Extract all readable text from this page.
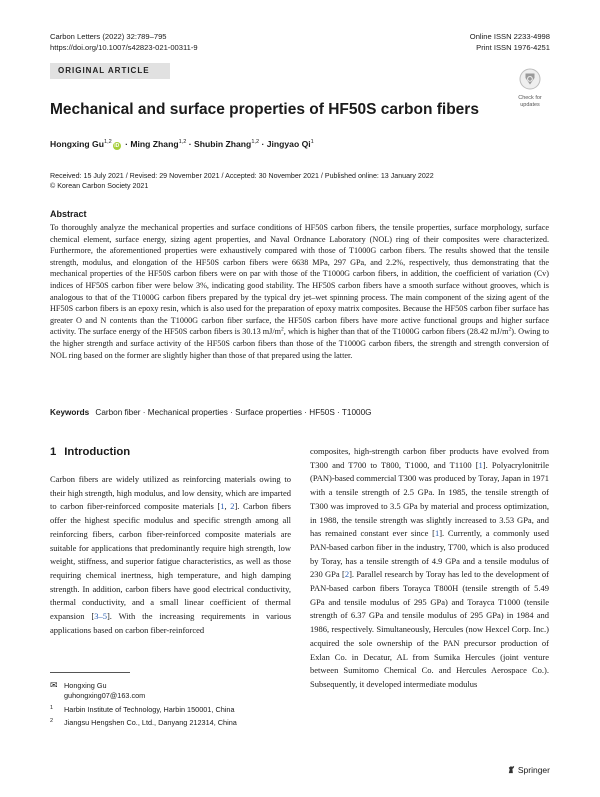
Carbon Letters (2022) 32:789–795
https://doi.org/10.1007/s42823-021-00311-9
Online ISSN 2233-4998
Print ISSN 1976-4251
ORIGINAL ARTICLE
Check for
updates
Mechanical and surface properties of HF50S carbon fibers
Hongxing Gu$^{1,2}$iD · Ming Zhang$^{1,2}$ · Shubin Zhang$^{1,2}$ · Jingyao Qi$^1$
Received: 15 July 2021 / Revised: 29 November 2021 / Accepted: 30 November 2021 / Published online: 13 January 2022
© Korean Carbon Society 2021
Abstract
To thoroughly analyze the mechanical properties and surface conditions of HF50S carbon fibers, the tensile properties, surface morphology, surface chemical element, surface energy, sizing agent properties, and Naval Ordnance Laboratory (NOL) ring of their composites were characterized. Furthermore, the aforementioned properties were exhaustively compared with those of T1000G carbon fibers. The results showed that the tensile strength, modulus, and elongation of the HF50S carbon fibers were 6638 MPa, 297 GPa, and 2.2%, respectively, thus demonstrating that the mechanical properties of the HF50S carbon fibers were on par with those of the T1000G carbon fibers, in addition, the coefficient of variation (Cv) indices of HF50S carbon fiber were below 3%, indicating good stability. The HF50S carbon fibers have a smooth surface without grooves, which is analogous to that of the T1000G carbon fibers prepared by the typical dry jet–wet spinning process. The main component of the sizing agent of the HF50S carbon fibers is an epoxy resin, which is also used for the preparation of epoxy matrix composites. Because the HF50S carbon fiber surface has greater O and N contents than the T1000G carbon fiber surface, the HF50S carbon fibers have more active functional groups and higher surface activity. The surface energy of the HF50S carbon fibers is 30.13 $mJ/m^2$, which is higher than that of the T1000G carbon fibers (28.42 $mJ/m^2$). Owing to the higher strength and surface activity of the HF50S carbon fibers than those of the T1000G carbon fibers, the strength and strength conversion of NOL ring based on the former are slightly higher than those of that prepared using the latter.
Keywords Carbon fiber · Mechanical properties · Surface properties · HF50S · T1000G
1 Introduction
Carbon fibers are widely utilized as reinforcing materials owing to their high strength, high modulus, and low density, which are imparted to carbon fiber-reinforced composite materials [1, 2]. Carbon fibers offer the highest specific modulus and specific strength among all reinforcing fibers, carbon fiber-reinforced composite materials are suitable for applications that predominantly require high strength, low weight, stiffness, and superior fatigue characteristics, as well as those requiring chemical inertness, high temperature, and high damping strength. In addition, carbon fibers have good electrical conductivity, thermal conductivity, and a small linear coefficient of thermal expansion [3–5]. With the increasing requirements in various applications based on carbon fiber-reinforced
composites, high-strength carbon fiber products have evolved from T300 and T700 to T800, T1000, and T1100 [1]. Polyacrylonitrile (PAN)-based commercial T300 was produced by Toray, Japan in 1971 with a tensile strength of 2.5 GPa. In 1985, the tensile strength of T300 was improved to 3.5 GPa by material and process optimization, in 1988, the tensile strength was slightly increased to 3.53 GPa, and has remained constant ever since [1]. Currently, a commonly used PAN-based carbon fiber in the industry, T700, which is also produced by Toray, has a tensile strength of 4.9 GPa and a tensile modulus of 230 GPa [2]. Parallel research by Toray has led to the development of PAN-based carbon fibers Torayca T800H (tensile strength of 5.49 GPa and tensile modulus of 295 GPa) and Torayca T1000 (tensile strength of 6.37 GPa and tensile modulus of 295 GPa) in 1984 and 1986, respectively. Simultaneously, Hercules (now Hexcel Corp. Inc.) acquired the sole ownership of the PAN precursor production of Exlan Co. in Decatur, AL from Sumika Hercules (joint venture between Sumitomo Chemical Co. and Hercules Aerospace Co.). Subsequently, it developed intermediate modulus
✉ Hongxing Gu
guhongxing07@163.com
1 Harbin Institute of Technology, Harbin 150001, China
2 Jiangsu Hengshen Co., Ltd., Danyang 212314, China
Springer
